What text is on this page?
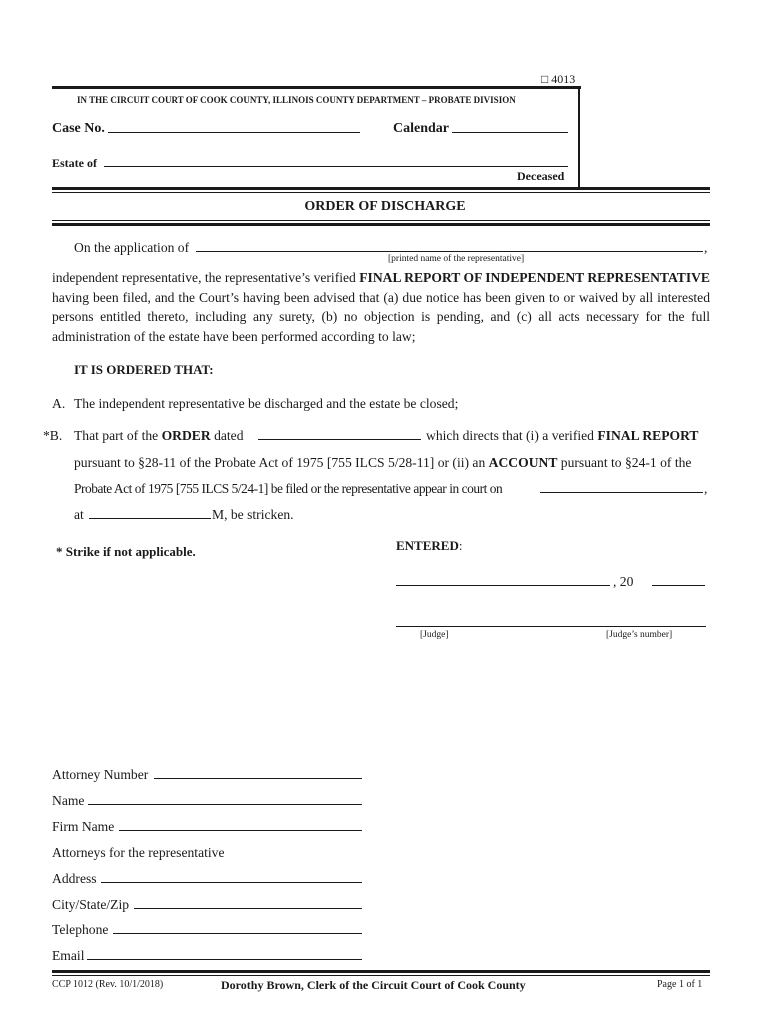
□ 4013
IN THE CIRCUIT COURT OF COOK COUNTY, ILLINOIS COUNTY DEPARTMENT – PROBATE DIVISION
Case No.	Calendar
Estate of
Deceased
ORDER OF DISCHARGE
On the application of	,
[printed name of the representative]
independent representative, the representative’s verified FINAL REPORT OF INDEPENDENT REPRESENTATIVE having been filed, and the Court’s having been advised that (a) due notice has been given to or waived by all interested persons entitled thereto, including any surety, (b) no objection is pending, and (c) all acts necessary for the full administration of the estate have been performed according to law;
IT IS ORDERED THAT:
A. The independent representative be discharged and the estate be closed;
*B. That part of the ORDER dated	which directs that (i) a verified FINAL REPORT
pursuant to §28-11 of the Probate Act of 1975 [755 ILCS 5/28-11] or (ii) an ACCOUNT pursuant to §24-1 of the
Probate Act of 1975 [755 ILCS 5/24-1] be filed or the representative appear in court on	,
at	M, be stricken.
* Strike if not applicable.	ENTERED:
, 20
[Judge]	[Judge’s number]
Attorney Number
Name
Firm Name
Attorneys for the representative
Address
City/State/Zip
Telephone
Email
CCP 1012 (Rev. 10/1/2018)	Dorothy Brown, Clerk of the Circuit Court of Cook County	Page 1 of 1
